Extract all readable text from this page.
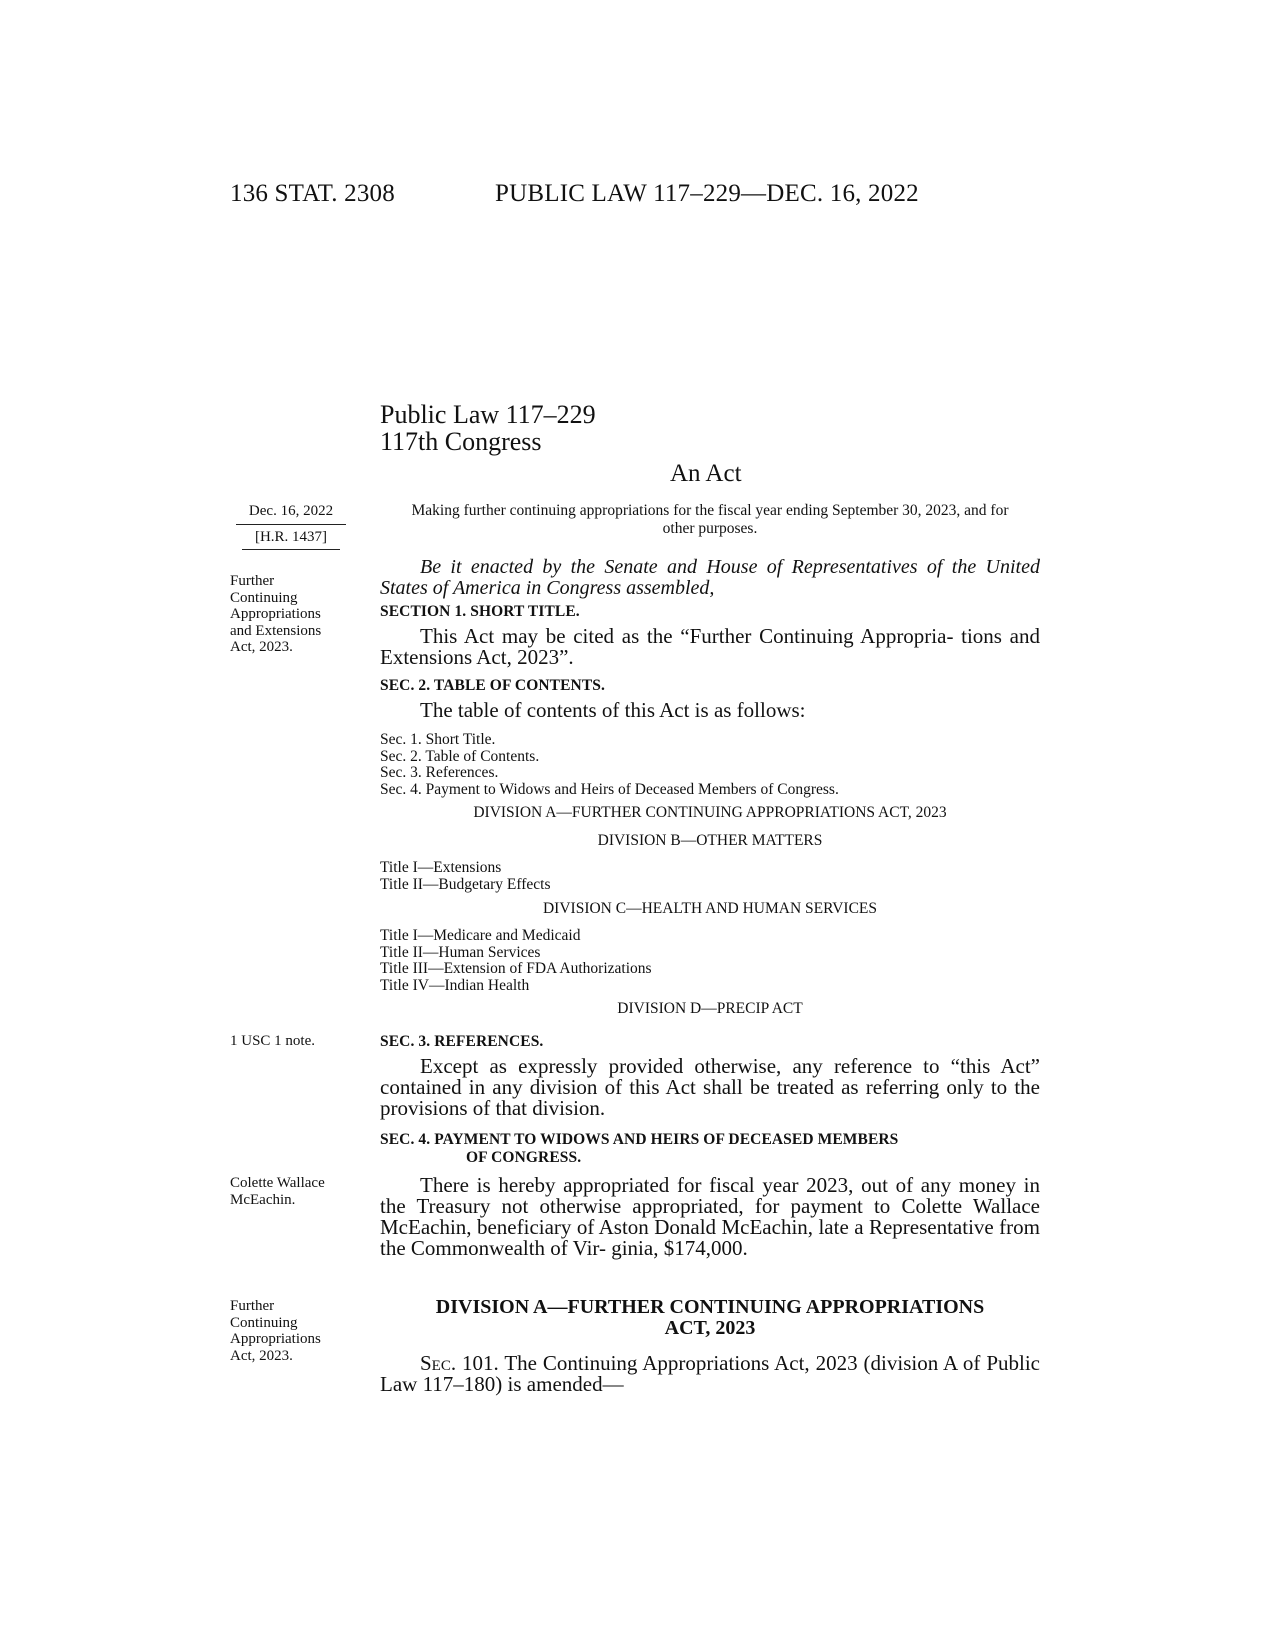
136 STAT. 2308	PUBLIC LAW 117–229—DEC. 16, 2022
Public Law 117–229
117th Congress
An Act
Dec. 16, 2022
[H.R. 1437]
Making further continuing appropriations for the fiscal year ending September 30, 2023, and for other purposes.
Further
Continuing
Appropriations
and Extensions
Act, 2023.
Be it enacted by the Senate and House of Representatives of the United States of America in Congress assembled,
SECTION 1. SHORT TITLE.
This Act may be cited as the “Further Continuing Appropria- tions and Extensions Act, 2023”.
SEC. 2. TABLE OF CONTENTS.
The table of contents of this Act is as follows:
Sec. 1. Short Title.
Sec. 2. Table of Contents.
Sec. 3. References.
Sec. 4. Payment to Widows and Heirs of Deceased Members of Congress.
DIVISION A—FURTHER CONTINUING APPROPRIATIONS ACT, 2023
DIVISION B—OTHER MATTERS
Title I—Extensions
Title II—Budgetary Effects
DIVISION C—HEALTH AND HUMAN SERVICES
Title I—Medicare and Medicaid
Title II—Human Services
Title III—Extension of FDA Authorizations
Title IV—Indian Health
DIVISION D—PRECIP ACT
1 USC 1 note.	SEC. 3. REFERENCES.
Except as expressly provided otherwise, any reference to “this Act” contained in any division of this Act shall be treated as referring only to the provisions of that division.
SEC. 4. PAYMENT TO WIDOWS AND HEIRS OF DECEASED MEMBERS
OF CONGRESS.
Colette Wallace
McEachin.
There is hereby appropriated for fiscal year 2023, out of any money in the Treasury not otherwise appropriated, for payment to Colette Wallace McEachin, beneficiary of Aston Donald McEachin, late a Representative from the Commonwealth of Vir- ginia, $174,000.
Further
Continuing
Appropriations
Act, 2023.
DIVISION A—FURTHER CONTINUING APPROPRIATIONS
ACT, 2023
Sec. 101. The Continuing Appropriations Act, 2023 (division A of Public Law 117–180) is amended—
